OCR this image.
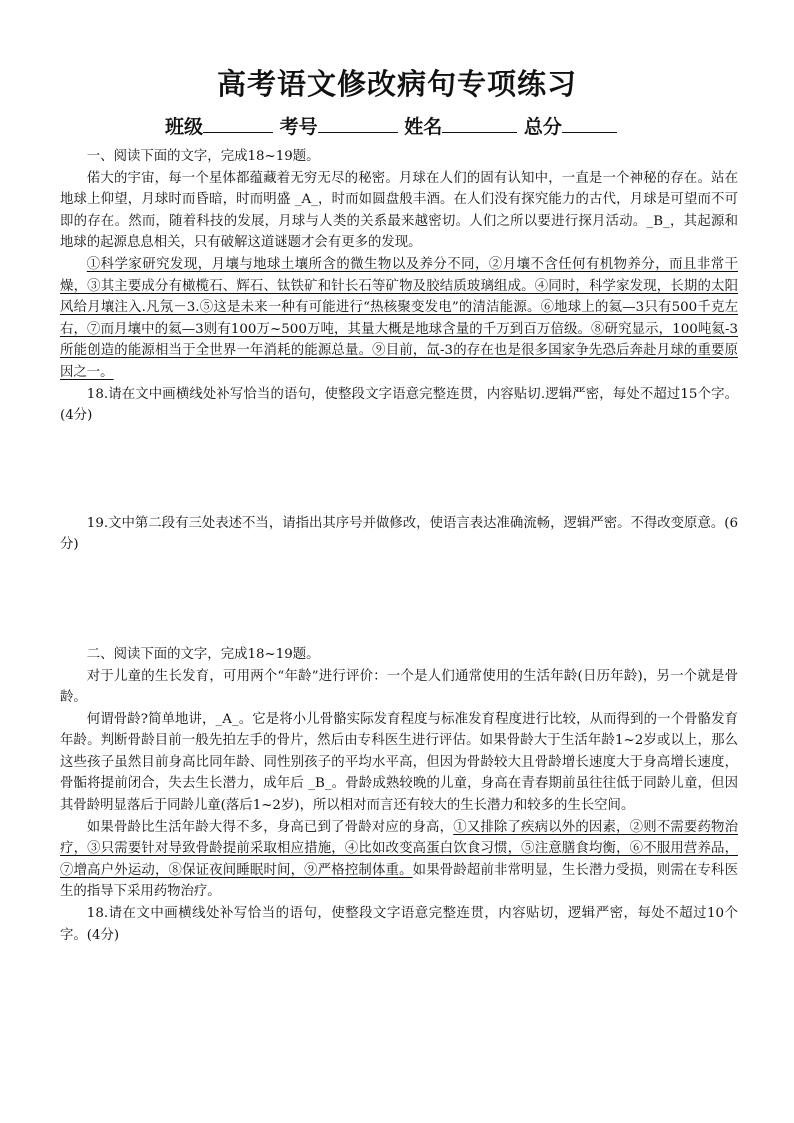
高考语文修改病句专项练习
班级	考号	姓名	总分

一、阅读下面的文字，完成18~19题。

偌大的宇宙，每一个星体都蕴藏着无穷无尽的秘密。月球在人们的固有认知中，一直是一个神秘的存在。站在地球上仰望，月球时而昏暗，时而明盛 _A_，时而如圆盘般丰酒。在人们没有探究能力的古代，月球是可望而不可即的存在。然而，随着科技的发展，月球与人类的关系最来越密切。人们之所以要进行探月活动。_B_，其起源和地球的起源息息相关，只有破解这道谜题才会有更多的发现。

①科学家研究发现，月壤与地球土壤所含的微生物以及养分不同，②月壤不含任何有机物养分，而且非常干燥，③其主要成分有橄榄石、辉石、钛铁矿和针长石等矿物及胶结质玻璃组成。④同时，科学家发现，长期的太阳风给月壤注入.凡氖－3.⑤这是未来一种有可能进行“热核聚变发电”的清洁能源。⑥地球上的氦—3只有500千克左右，⑦而月壤中的氦—3则有100万~500万吨，其量大概是地球含量的千万到百万倍级。⑧研究显示，100吨氦-3所能创造的能源相当于全世界一年消耗的能源总量。⑨目前，氙-3的存在也是很多国家争先恐后奔赴月球的重要原因之一。

18.请在文中画横线处补写恰当的语句，使整段文字语意完整连贯，内容贴切.逻辑严密，每处不超过15个字。(4分)

19.文中第二段有三处表述不当，请指出其序号并做修改，使语言表达准确流畅，逻辑严密。不得改变原意。(6分)

二、阅读下面的文字，完成18~19题。

对于儿童的生长发育，可用两个“年龄”进行评价：一个是人们通常使用的生活年龄(日历年龄)，另一个就是骨龄。

何谓骨龄?简单地讲，_A_。它是将小儿骨骼实际发育程度与标准发育程度进行比较，从而得到的一个骨骼发育年龄。判断骨龄目前一般先拍左手的骨片，然后由专科医生进行评估。如果骨龄大于生活年龄1~2岁或以上，那么这些孩子虽然目前身高比同年龄、同性别孩子的平均水平高，但因为骨龄较大且骨龄增长速度大于身高增长速度，骨骺将提前闭合，失去生长潜力，成年后 _B_。骨龄成熟较晚的儿童，身高在青春期前虽往往低于同龄儿童，但因其骨龄明显落后于同龄儿童(落后1~2岁)，所以相对而言还有较大的生长潜力和较多的生长空间。

如果骨龄比生活年龄大得不多，身高已到了骨龄对应的身高，①又排除了疾病以外的因素，②则不需要药物治疗，③只需要针对导致骨龄提前采取相应措施，④比如改变高蛋白饮食习惯，⑤注意膳食均衡，⑥不服用营养品，⑦增高户外运动，⑧保证夜间睡眠时间，⑨严格控制体重。如果骨龄超前非常明显，生长潜力受损，则需在专科医生的指导下采用药物治疗。

18.请在文中画横线处补写恰当的语句，使整段文字语意完整连贯，内容贴切，逻辑严密，每处不超过10个字。(4分)
